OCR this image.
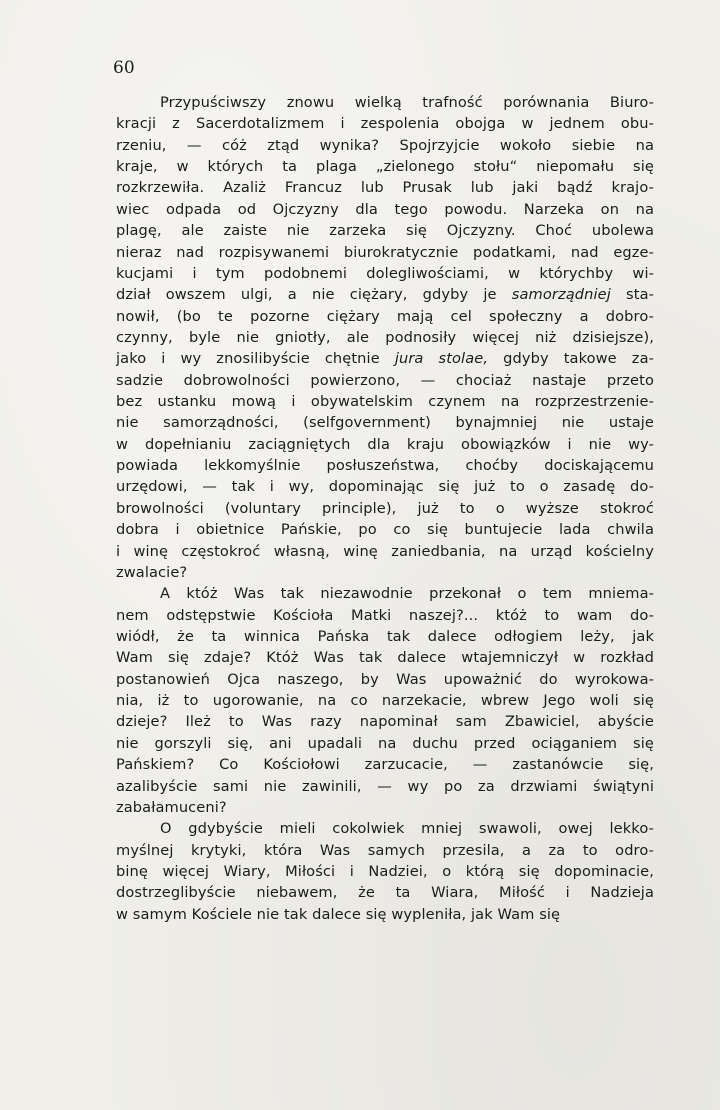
60
Przypuściwszy znowu wielką trafność porównania Biuro-
kracji z Sacerdotalizmem i zespolenia obojga w jednem obu-
rzeniu, — cóż ztąd wynika? Spojrzyjcie wokoło siebie na
kraje, w których ta plaga „zielonego stołu“ niepomału się
rozkrzewiła. Azaliż Francuz lub Prusak lub jaki bądź krajo-
wiec odpada od Ojczyzny dla tego powodu. Narzeka on na
plagę, ale zaiste nie zarzeka się Ojczyzny. Choć ubolewa
nieraz nad rozpisywanemi biurokratycznie podatkami, nad egze-
kucjami i tym podobnemi dolegliwościami, w którychby wi-
dział owszem ulgi, a nie ciężary, gdyby je samorządniej sta-
nowił, (bo te pozorne ciężary mają cel społeczny a dobro-
czynny, byle nie gniotły, ale podnosiły więcej niż dzisiejsze),
jako i wy znosilibyście chętnie jura stolae, gdyby takowe za-
sadzie dobrowolności powierzono, — chociaż nastaje przeto
bez ustanku mową i obywatelskim czynem na rozprzestrzenie-
nie samorządności, (selfgovernment) bynajmniej nie ustaje
w dopełnianiu zaciągniętych dla kraju obowiązków i nie wy-
powiada lekkomyślnie posłuszeństwa, choćby dociskającemu
urzędowi, — tak i wy, dopominając się już to o zasadę do-
browolności (voluntary principle), już to o wyższe stokroć
dobra i obietnice Pańskie, po co się buntujecie lada chwila
i winę częstokroć własną, winę zaniedbania, na urząd kościelny
zwalacie?
A któż Was tak niezawodnie przekonał o tem mniema-
nem odstępstwie Kościoła Matki naszej?... któż to wam do-
wiódł, że ta winnica Pańska tak dalece odłogiem leży, jak
Wam się zdaje? Któż Was tak dalece wtajemniczył w rozkład
postanowień Ojca naszego, by Was upoważnić do wyrokowa-
nia, iż to ugorowanie, na co narzekacie, wbrew Jego woli się
dzieje? Ileż to Was razy napominał sam Zbawiciel, abyście
nie gorszyli się, ani upadali na duchu przed ociąganiem się
Pańskiem? Co Kościołowi zarzucacie, — zastanówcie się,
azalibyście sami nie zawinili, — wy po za drzwiami świątyni
zabałamuceni?
O gdybyście mieli cokolwiek mniej swawoli, owej lekko-
myślnej krytyki, która Was samych przesila, a za to odro-
binę więcej Wiary, Miłości i Nadziei, o którą się dopominacie,
dostrzeglibyście niebawem, że ta Wiara, Miłość i Nadzieja
w samym Kościele nie tak dalece się wypleniła, jak Wam się
